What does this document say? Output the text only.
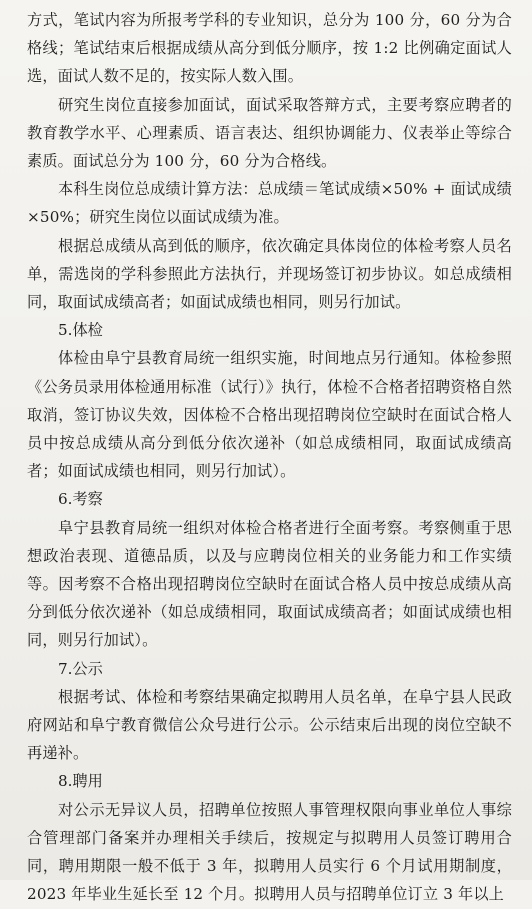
方式，笔试内容为所报考学科的专业知识，总分为 100 分，60 分为合格线；笔试结束后根据成绩从高分到低分顺序，按 1:2 比例确定面试人选，面试人数不足的，按实际人数入围。

研究生岗位直接参加面试，面试采取答辩方式，主要考察应聘者的教育教学水平、心理素质、语言表达、组织协调能力、仪表举止等综合素质。面试总分为 100 分，60 分为合格线。

本科生岗位总成绩计算方法：总成绩＝笔试成绩×50% + 面试成绩×50%；研究生岗位以面试成绩为准。

根据总成绩从高到低的顺序，依次确定具体岗位的体检考察人员名单，需选岗的学科参照此方法执行，并现场签订初步协议。如总成绩相同，取面试成绩高者；如面试成绩也相同，则另行加试。

5.体检

体检由阜宁县教育局统一组织实施，时间地点另行通知。体检参照《公务员录用体检通用标准（试行）》执行，体检不合格者招聘资格自然取消，签订协议失效，因体检不合格出现招聘岗位空缺时在面试合格人员中按总成绩从高分到低分依次递补（如总成绩相同，取面试成绩高者；如面试成绩也相同，则另行加试）。

6.考察

阜宁县教育局统一组织对体检合格者进行全面考察。考察侧重于思想政治表现、道德品质，以及与应聘岗位相关的业务能力和工作实绩等。因考察不合格出现招聘岗位空缺时在面试合格人员中按总成绩从高分到低分依次递补（如总成绩相同，取面试成绩高者；如面试成绩也相同，则另行加试）。

7.公示

根据考试、体检和考察结果确定拟聘用人员名单，在阜宁县人民政府网站和阜宁教育微信公众号进行公示。公示结束后出现的岗位空缺不再递补。

8.聘用

对公示无异议人员，招聘单位按照人事管理权限向事业单位人事综合管理部门备案并办理相关手续后，按规定与拟聘用人员签订聘用合同，聘用期限一般不低于 3 年，拟聘用人员实行 6 个月试用期制度，2023 年毕业生延长至 12 个月。拟聘用人员与招聘单位订立 3 年以上
